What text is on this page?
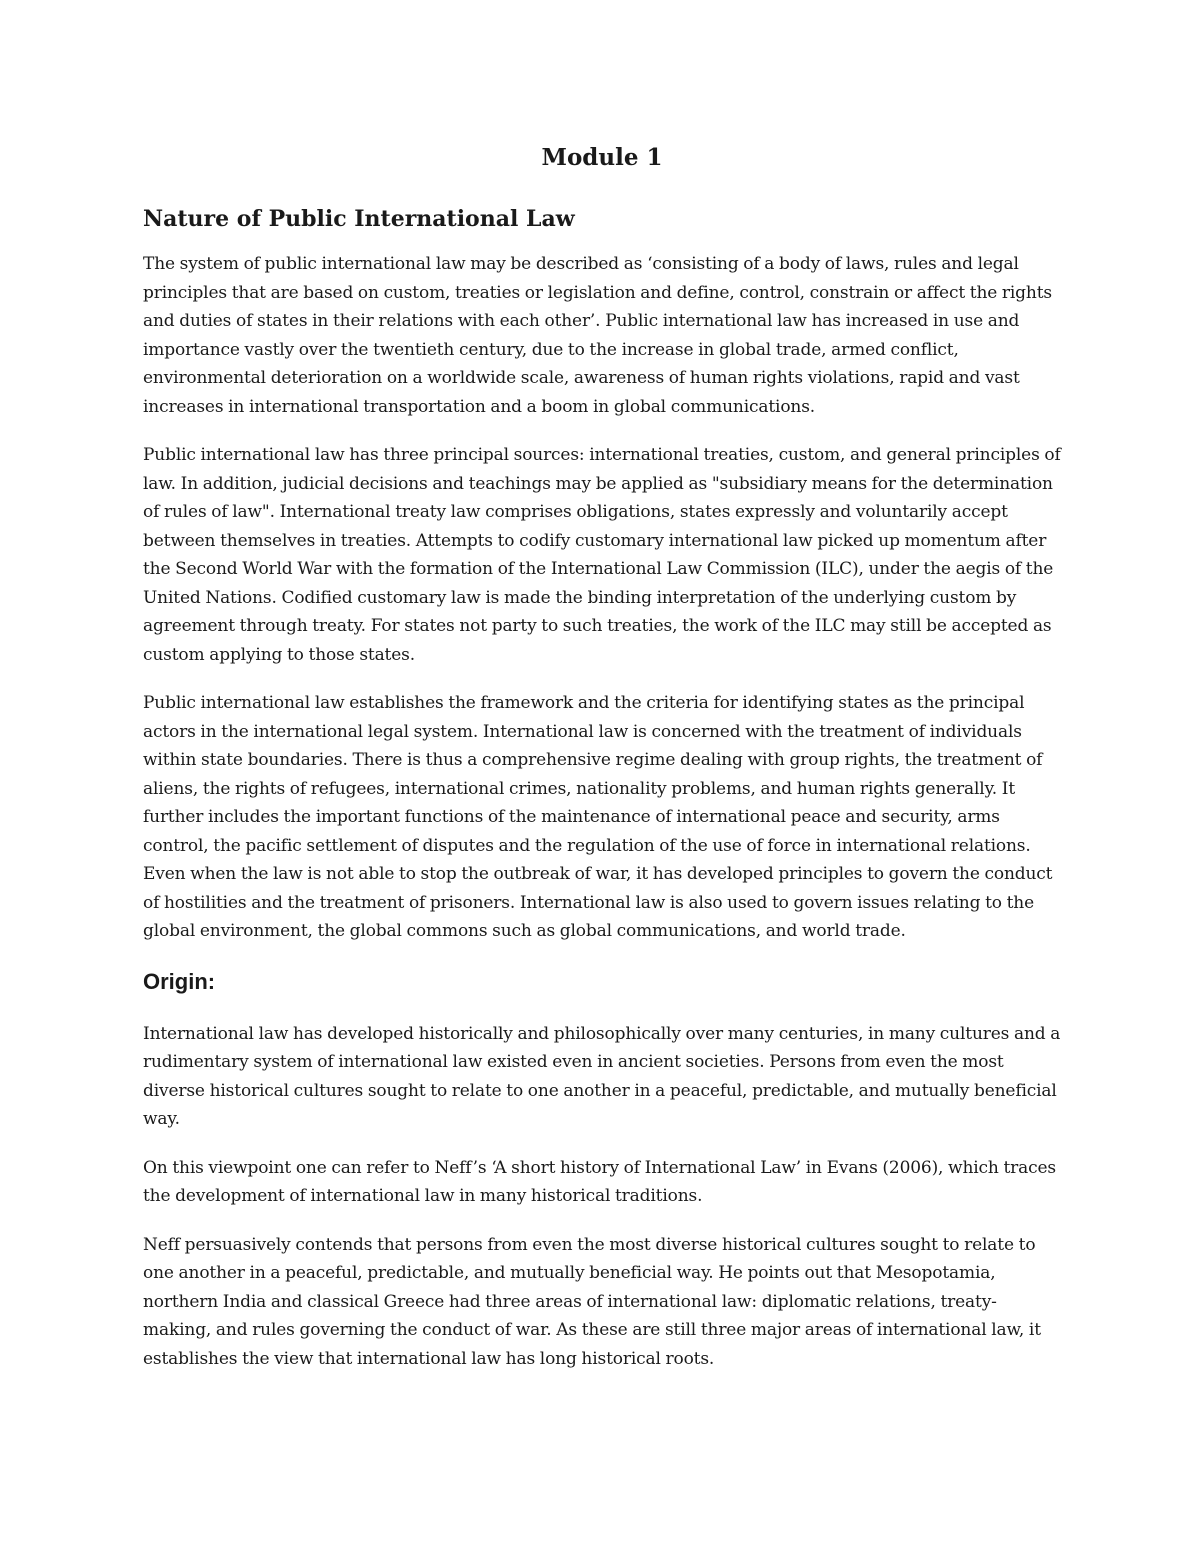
Module 1
Nature of Public International Law

The system of public international law may be described as ‘consisting of a body of laws, rules and legal principles that are based on custom, treaties or legislation and define, control, constrain or affect the rights and duties of states in their relations with each other’. Public international law has increased in use and importance vastly over the twentieth century, due to the increase in global trade, armed conflict, environmental deterioration on a worldwide scale, awareness of human rights violations, rapid and vast increases in international transportation and a boom in global communications.

Public international law has three principal sources: international treaties, custom, and general principles of law. In addition, judicial decisions and teachings may be applied as "subsidiary means for the determination of rules of law". International treaty law comprises obligations, states expressly and voluntarily accept between themselves in treaties. Attempts to codify customary international law picked up momentum after the Second World War with the formation of the International Law Commission (ILC), under the aegis of the United Nations. Codified customary law is made the binding interpretation of the underlying custom by agreement through treaty. For states not party to such treaties, the work of the ILC may still be accepted as custom applying to those states.

Public international law establishes the framework and the criteria for identifying states as the principal actors in the international legal system. International law is concerned with the treatment of individuals within state boundaries. There is thus a comprehensive regime dealing with group rights, the treatment of aliens, the rights of refugees, international crimes, nationality problems, and human rights generally. It further includes the important functions of the maintenance of international peace and security, arms control, the pacific settlement of disputes and the regulation of the use of force in international relations. Even when the law is not able to stop the outbreak of war, it has developed principles to govern the conduct of hostilities and the treatment of prisoners. International law is also used to govern issues relating to the global environment, the global commons such as global communications, and world trade.

Origin:

International law has developed historically and philosophically over many centuries, in many cultures and a rudimentary system of international law existed even in ancient societies. Persons from even the most diverse historical cultures sought to relate to one another in a peaceful, predictable, and mutually beneficial way.

On this viewpoint one can refer to Neff’s ‘A short history of International Law’ in Evans (2006), which traces the development of international law in many historical traditions.

Neff persuasively contends that persons from even the most diverse historical cultures sought to relate to one another in a peaceful, predictable, and mutually beneficial way. He points out that Mesopotamia, northern India and classical Greece had three areas of international law: diplomatic relations, treaty-making, and rules governing the conduct of war. As these are still three major areas of international law, it establishes the view that international law has long historical roots.
